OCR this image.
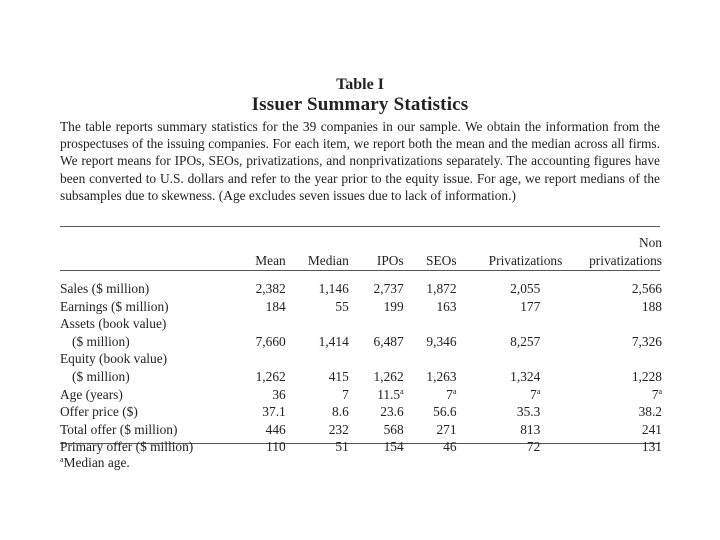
Table I
Issuer Summary Statistics
The table reports summary statistics for the 39 companies in our sample. We obtain the information from the prospectuses of the issuing companies. For each item, we report both the mean and the median across all firms. We report means for IPOs, SEOs, privatizations, and nonprivatizations separately. The accounting figures have been converted to U.S. dollars and refer to the year prior to the equity issue. For age, we report medians of the subsamples due to skewness. (Age excludes seven issues due to lack of information.)
	Mean	Median	IPOs	SEOs	Privatizations	Non
privatizations

Sales ($ million)	2,382	1,146	2,737	1,872	2,055	2,566
Earnings ($ million)	184	55	199	163	177	188
Assets (book value)						
($ million)	7,660	1,414	6,487	9,346	8,257	7,326
Equity (book value)						
($ million)	1,262	415	1,262	1,263	1,324	1,228
Age (years)	36	7	11.5$^a$	7$^a$	7$^a$	7$^a$
Offer price ($)	37.1	8.6	23.6	56.6	35.3	38.2
Total offer ($ million)	446	232	568	271	813	241
Primary offer ($ million)	110	51	154	46	72	131
$^a$Median age.
